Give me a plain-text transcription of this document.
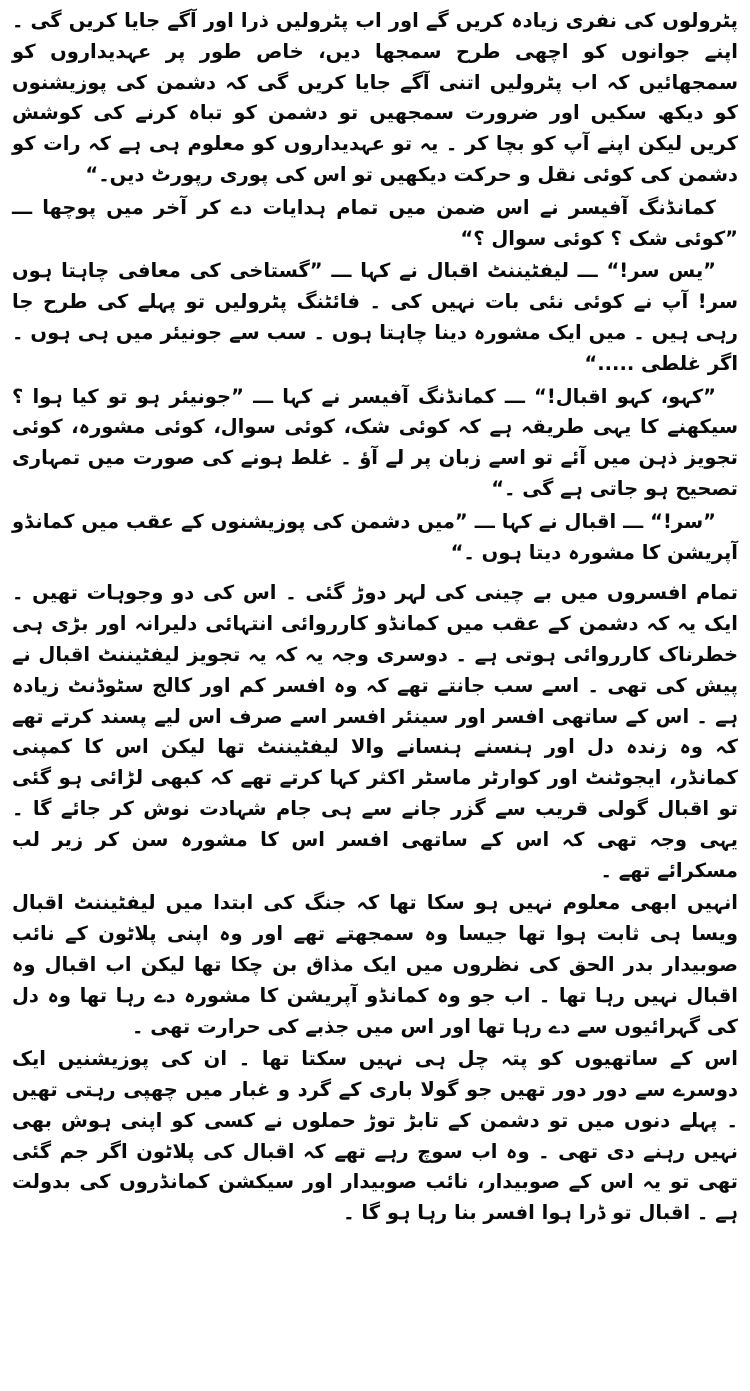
پٹرولوں کی نفری زیادہ کریں گے اور اب پٹرولیں ذرا اور آگے جایا کریں گی ۔ اپنے جوانوں کو اچھی طرح سمجھا دیں، خاص طور پر عہدیداروں کو سمجھائیں کہ اب پٹرولیں اتنی آگے جایا کریں گی کہ دشمن کی پوزیشنوں کو دیکھ سکیں اور ضرورت سمجھیں تو دشمن کو تباہ کرنے کی کوشش کریں لیکن اپنے آپ کو بچا کر ۔ یہ تو عہدیداروں کو معلوم ہی ہے کہ رات کو دشمن کی کوئی نقل و حرکت دیکھیں تو اس کی پوری رپورٹ دیں۔“

کمانڈنگ آفیسر نے اس ضمن میں تمام ہدایات دے کر آخر میں پوچھا ـــ ”کوئی شک ؟ کوئی سوال ؟“

”یس سر!“ ـــ لیفٹیننٹ اقبال نے کہا ـــ ”گستاخی کی معافی چاہتا ہوں سر! آپ نے کوئی نئی بات نہیں کی ۔ فائٹنگ پٹرولیں تو پہلے کی طرح جا رہی ہیں ۔ میں ایک مشورہ دینا چاہتا ہوں ۔ سب سے جونیئر میں ہی ہوں ۔ اگر غلطی .....“

”کہو، کہو اقبال!“ ـــ کمانڈنگ آفیسر نے کہا ـــ ”جونیئر ہو تو کیا ہوا ؟ سیکھنے کا یہی طریقہ ہے کہ کوئی شک، کوئی سوال، کوئی مشورہ، کوئی تجویز ذہن میں آئے تو اسے زبان پر لے آؤ ۔ غلط ہونے کی صورت میں تمہاری تصحیح ہو جاتی ہے گی ۔“

”سر!“ ـــ اقبال نے کہا ـــ ”میں دشمن کی پوزیشنوں کے عقب میں کمانڈو آپریشن کا مشورہ دیتا ہوں ۔“

تمام افسروں میں بے چینی کی لہر دوڑ گئی ۔ اس کی دو وجوہات تھیں ۔ ایک یہ کہ دشمن کے عقب میں کمانڈو کارروائی انتہائی دلیرانہ اور بڑی ہی خطرناک کارروائی ہوتی ہے ۔ دوسری وجہ یہ کہ یہ تجویز لیفٹیننٹ اقبال نے پیش کی تھی ۔ اسے سب جانتے تھے کہ وہ افسر کم اور کالج سٹوڈنٹ زیادہ ہے ۔ اس کے ساتھی افسر اور سینئر افسر اسے صرف اس لیے پسند کرتے تھے کہ وہ زندہ دل اور ہنسنے ہنسانے والا لیفٹیننٹ تھا لیکن اس کا کمپنی کمانڈر، ایجوٹنٹ اور کوارٹر ماسٹر اکثر کہا کرتے تھے کہ کبھی لڑائی ہو گئی تو اقبال گولی قریب سے گزر جانے سے ہی جام شہادت نوش کر جائے گا ۔ یہی وجہ تھی کہ اس کے ساتھی افسر اس کا مشورہ سن کر زیر لب مسکرائے تھے ۔

انہیں ابھی معلوم نہیں ہو سکا تھا کہ جنگ کی ابتدا میں لیفٹیننٹ اقبال ویسا ہی ثابت ہوا تھا جیسا وہ سمجھتے تھے اور وہ اپنی پلاٹون کے نائب صوبیدار بدر الحق کی نظروں میں ایک مذاق بن چکا تھا لیکن اب اقبال وہ اقبال نہیں رہا تھا ۔ اب جو وہ کمانڈو آپریشن کا مشورہ دے رہا تھا وہ دل کی گہرائیوں سے دے رہا تھا اور اس میں جذبے کی حرارت تھی ۔

اس کے ساتھیوں کو پتہ چل ہی نہیں سکتا تھا ۔ ان کی پوزیشنیں ایک دوسرے سے دور دور تھیں جو گولا باری کے گرد و غبار میں چھپی رہتی تھیں ۔ پہلے دنوں میں تو دشمن کے تابڑ توڑ حملوں نے کسی کو اپنی ہوش بھی نہیں رہنے دی تھی ۔ وہ اب سوچ رہے تھے کہ اقبال کی پلاٹون اگر جم گئی تھی تو یہ اس کے صوبیدار، نائب صوبیدار اور سیکشن کمانڈروں کی بدولت ہے ۔ اقبال تو ڈرا ہوا افسر بنا رہا ہو گا ۔
